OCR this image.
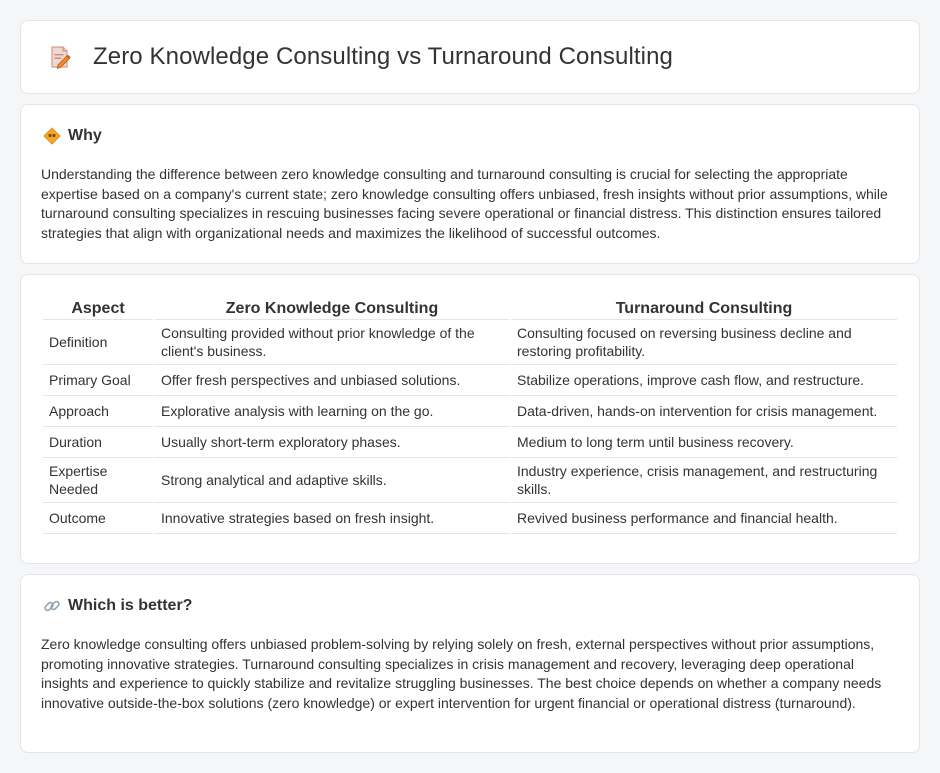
Zero Knowledge Consulting vs Turnaround Consulting
Why

Understanding the difference between zero knowledge consulting and turnaround consulting is crucial for selecting the appropriate expertise based on a company's current state; zero knowledge consulting offers unbiased, fresh insights without prior assumptions, while turnaround consulting specializes in rescuing businesses facing severe operational or financial distress. This distinction ensures tailored strategies that align with organizational needs and maximizes the likelihood of successful outcomes.

Aspect	Zero Knowledge Consulting	Turnaround Consulting
Definition	Consulting provided without prior knowledge of the client's business.	Consulting focused on reversing business decline and restoring profitability.
Primary Goal	Offer fresh perspectives and unbiased solutions.	Stabilize operations, improve cash flow, and restructure.
Approach	Explorative analysis with learning on the go.	Data-driven, hands-on intervention for crisis management.
Duration	Usually short-term exploratory phases.	Medium to long term until business recovery.
Expertise Needed	Strong analytical and adaptive skills.	Industry experience, crisis management, and restructuring skills.
Outcome	Innovative strategies based on fresh insight.	Revived business performance and financial health.
Which is better?

Zero knowledge consulting offers unbiased problem-solving by relying solely on fresh, external perspectives without prior assumptions, promoting innovative strategies. Turnaround consulting specializes in crisis management and recovery, leveraging deep operational insights and experience to quickly stabilize and revitalize struggling businesses. The best choice depends on whether a company needs innovative outside-the-box solutions (zero knowledge) or expert intervention for urgent financial or operational distress (turnaround).
